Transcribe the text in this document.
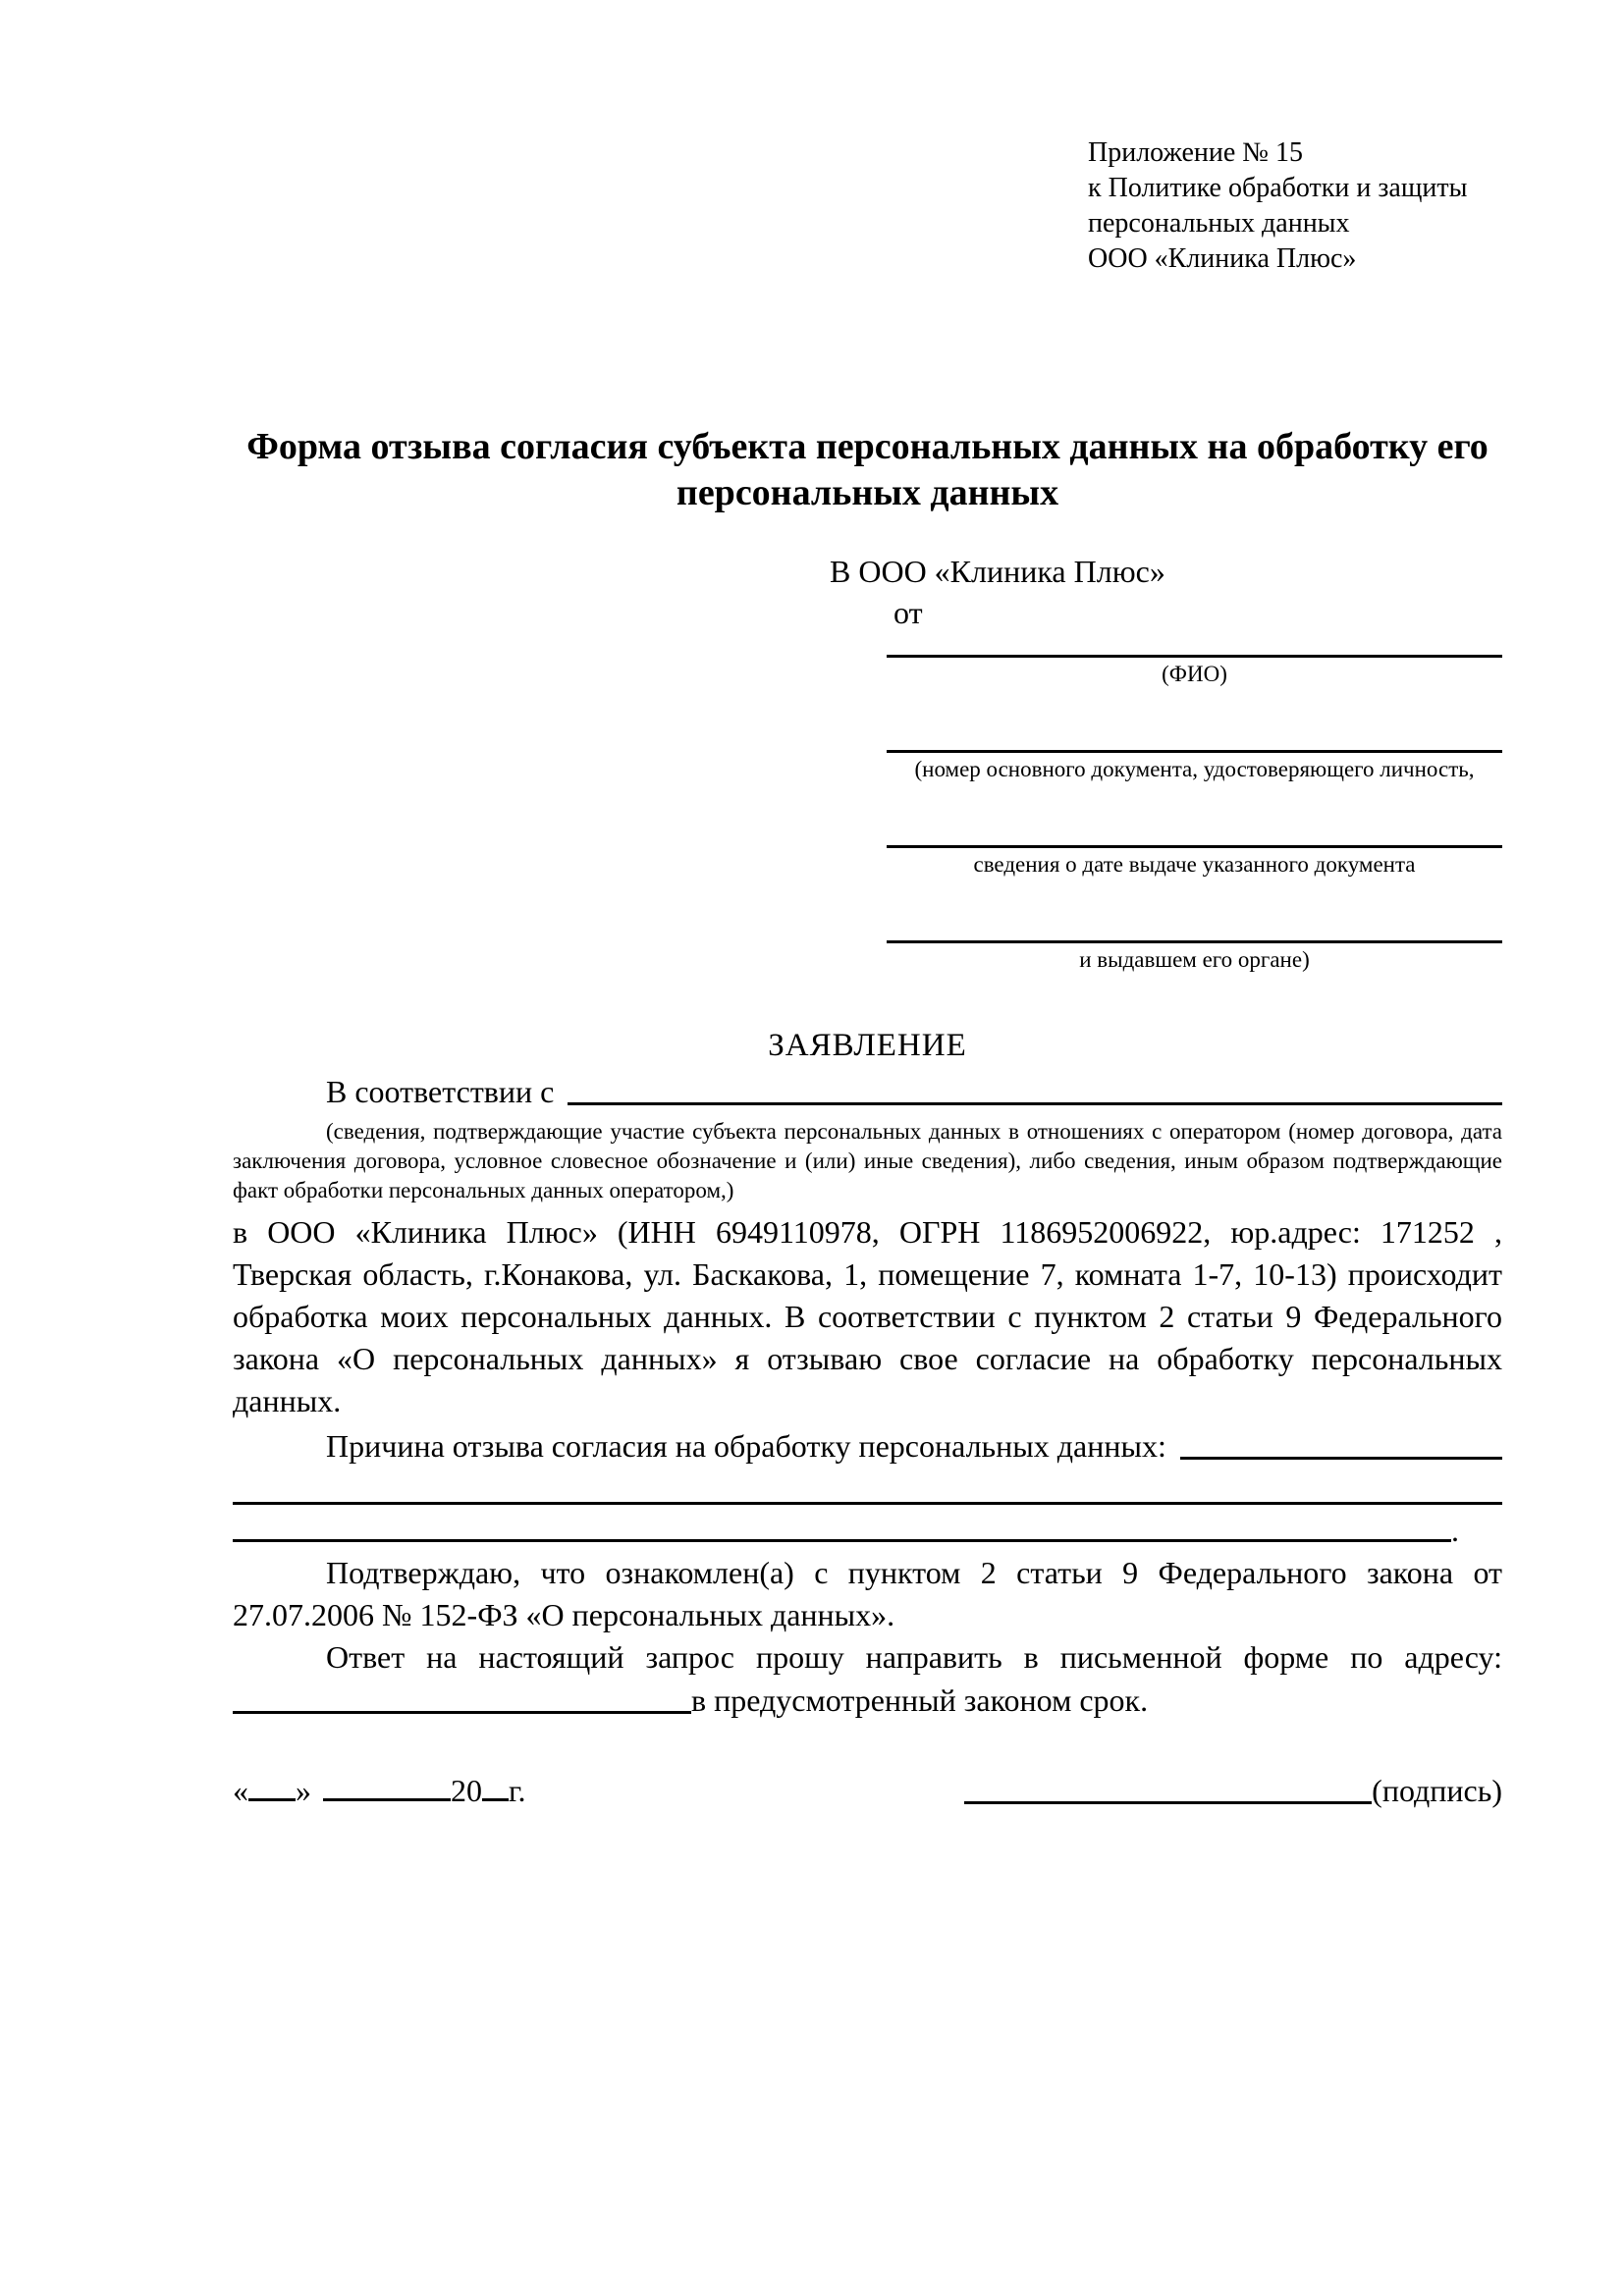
Приложение № 15
к Политике обработки и защиты
персональных данных
ООО «Клиника Плюс»
Форма отзыва согласия субъекта персональных данных на обработку его персональных данных
В ООО «Клиника Плюс»
от
(ФИО)
(номер основного документа, удостоверяющего личность,
сведения о дате выдаче указанного документа
и выдавшем его органе)
ЗАЯВЛЕНИЕ
В соответствии с
(сведения, подтверждающие участие субъекта персональных данных в отношениях с оператором (номер договора, дата заключения договора, условное словесное обозначение и (или) иные сведения), либо сведения, иным образом подтверждающие факт обработки персональных данных оператором,)
в ООО «Клиника Плюс» (ИНН 6949110978, ОГРН 1186952006922, юр.адрес: 171252 , Тверская область, г.Конакова, ул. Баскакова, 1, помещение 7, комната 1-7, 10-13) происходит обработка моих персональных данных. В соответствии с пунктом 2 статьи 9 Федерального закона «О персональных данных» я отзываю свое согласие на обработку персональных данных.
Причина отзыва согласия на обработку персональных данных:
.
Подтверждаю, что ознакомлен(а) с пунктом 2 статьи 9 Федерального закона от 27.07.2006 № 152-ФЗ «О персональных данных».
Ответ на настоящий запрос прошу направить в письменной форме по адресу:
в предусмотренный законом срок.
« »	20 г.	(подпись)
